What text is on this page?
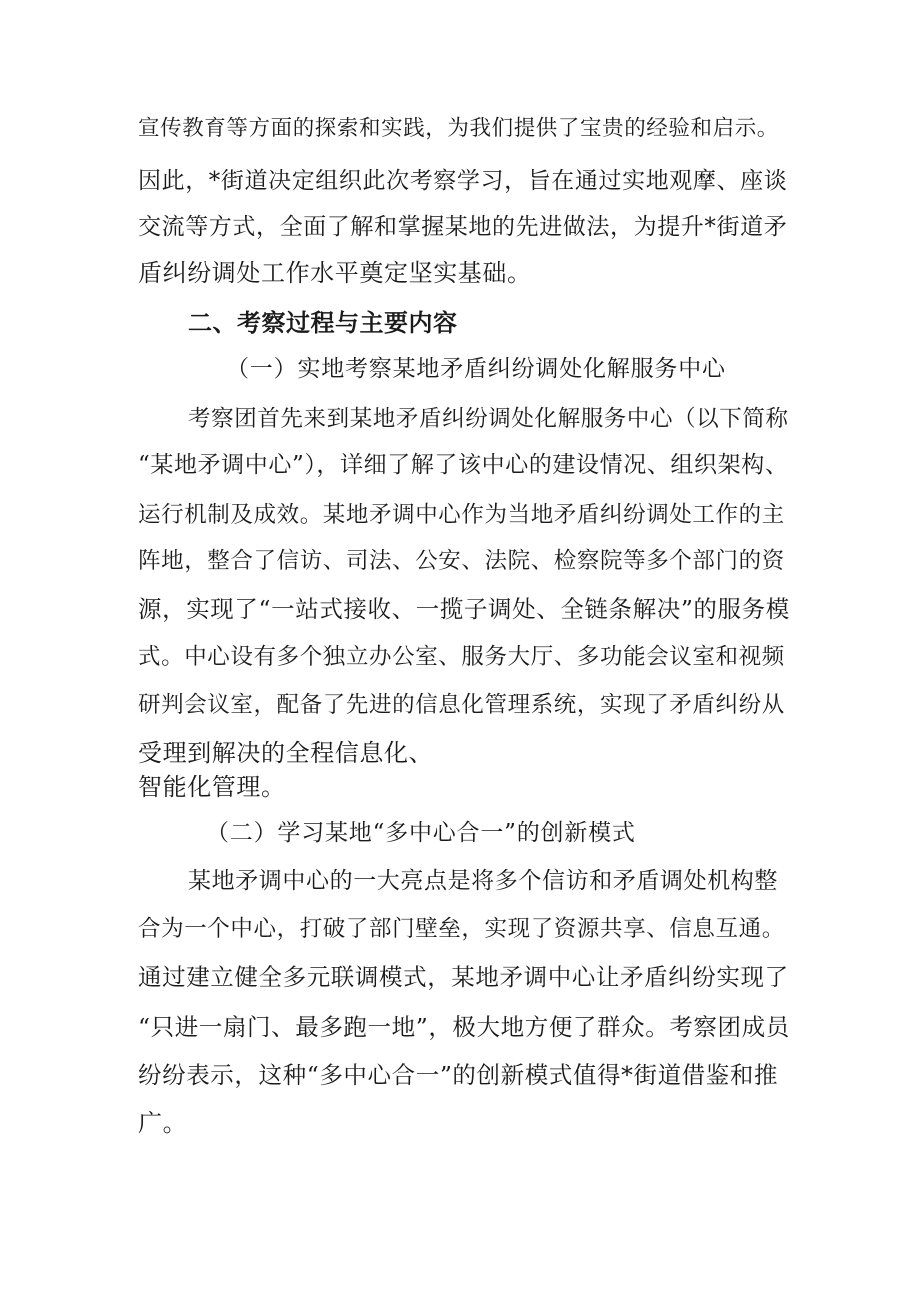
宣传教育等方面的探索和实践，为我们提供了宝贵的经验和启示。
因此，*街道决定组织此次考察学习，旨在通过实地观摩、座谈
交流等方式，全面了解和掌握某地的先进做法，为提升*街道矛
盾纠纷调处工作水平奠定坚实基础。
二、考察过程与主要内容
（一）实地考察某地矛盾纠纷调处化解服务中心
考察团首先来到某地矛盾纠纷调处化解服务中心（以下简称
“某地矛调中心”），详细了解了该中心的建设情况、组织架构、
运行机制及成效。某地矛调中心作为当地矛盾纠纷调处工作的主
阵地，整合了信访、司法、公安、法院、检察院等多个部门的资
源，实现了“一站式接收、一揽子调处、全链条解决”的服务模
式。中心设有多个独立办公室、服务大厅、多功能会议室和视频
研判会议室，配备了先进的信息化管理系统，实现了矛盾纠纷从
受理到解决的全程信息化、
智能化管理。
（二）学习某地“多中心合一”的创新模式
某地矛调中心的一大亮点是将多个信访和矛盾调处机构整
合为一个中心，打破了部门壁垒，实现了资源共享、信息互通。
通过建立健全多元联调模式，某地矛调中心让矛盾纠纷实现了
“只进一扇门、最多跑一地”，极大地方便了群众。考察团成员
纷纷表示，这种“多中心合一”的创新模式值得*街道借鉴和推
广。
